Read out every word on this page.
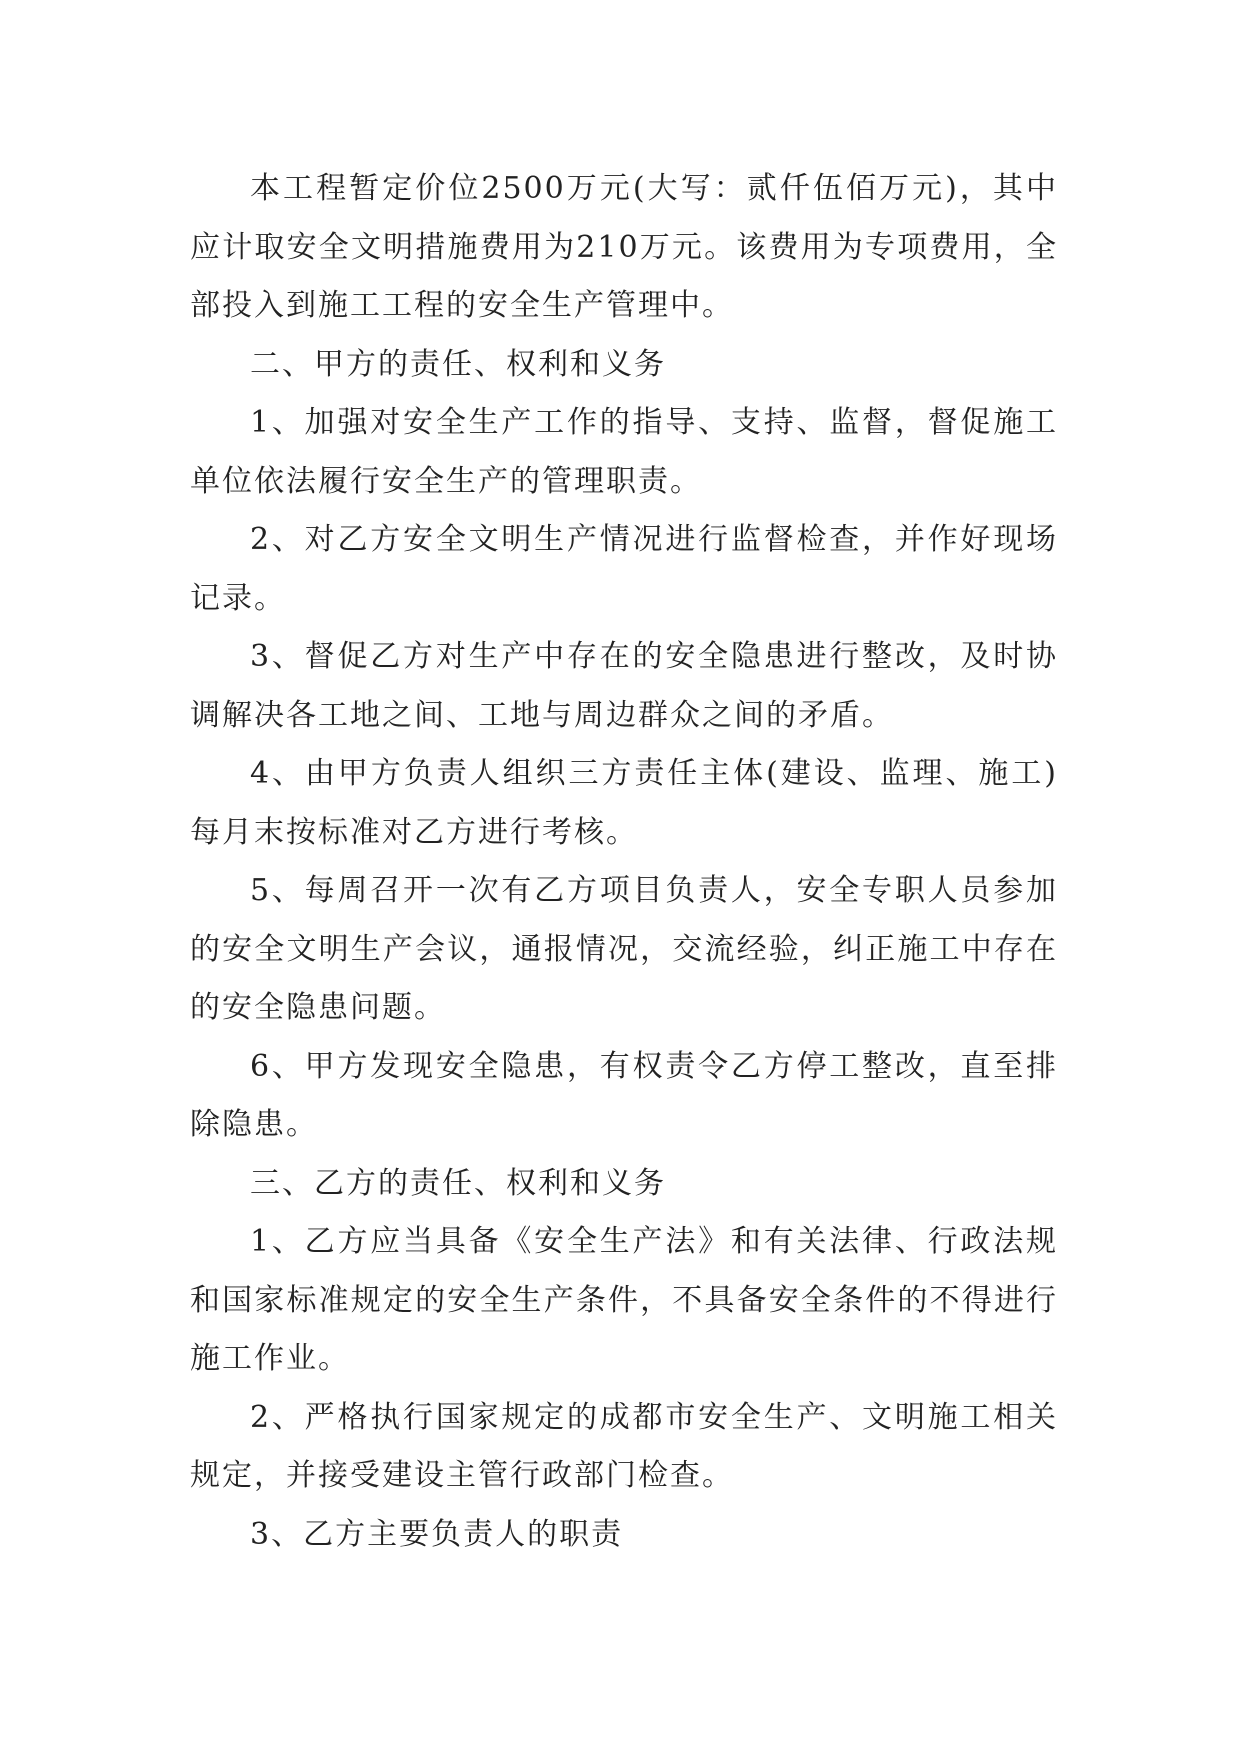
本工程暂定价位2500万元(大写：贰仟伍佰万元)，其中应计取安全文明措施费用为210万元。该费用为专项费用，全部投入到施工工程的安全生产管理中。

二、甲方的责任、权利和义务

1、加强对安全生产工作的指导、支持、监督，督促施工单位依法履行安全生产的管理职责。

2、对乙方安全文明生产情况进行监督检查，并作好现场记录。

3、督促乙方对生产中存在的安全隐患进行整改，及时协调解决各工地之间、工地与周边群众之间的矛盾。

4、由甲方负责人组织三方责任主体(建设、监理、施工)每月末按标准对乙方进行考核。

5、每周召开一次有乙方项目负责人，安全专职人员参加的安全文明生产会议，通报情况，交流经验，纠正施工中存在的安全隐患问题。

6、甲方发现安全隐患，有权责令乙方停工整改，直至排除隐患。

三、乙方的责任、权利和义务

1、乙方应当具备《安全生产法》和有关法律、行政法规和国家标准规定的安全生产条件，不具备安全条件的不得进行施工作业。

2、严格执行国家规定的成都市安全生产、文明施工相关规定，并接受建设主管行政部门检查。

3、乙方主要负责人的职责
